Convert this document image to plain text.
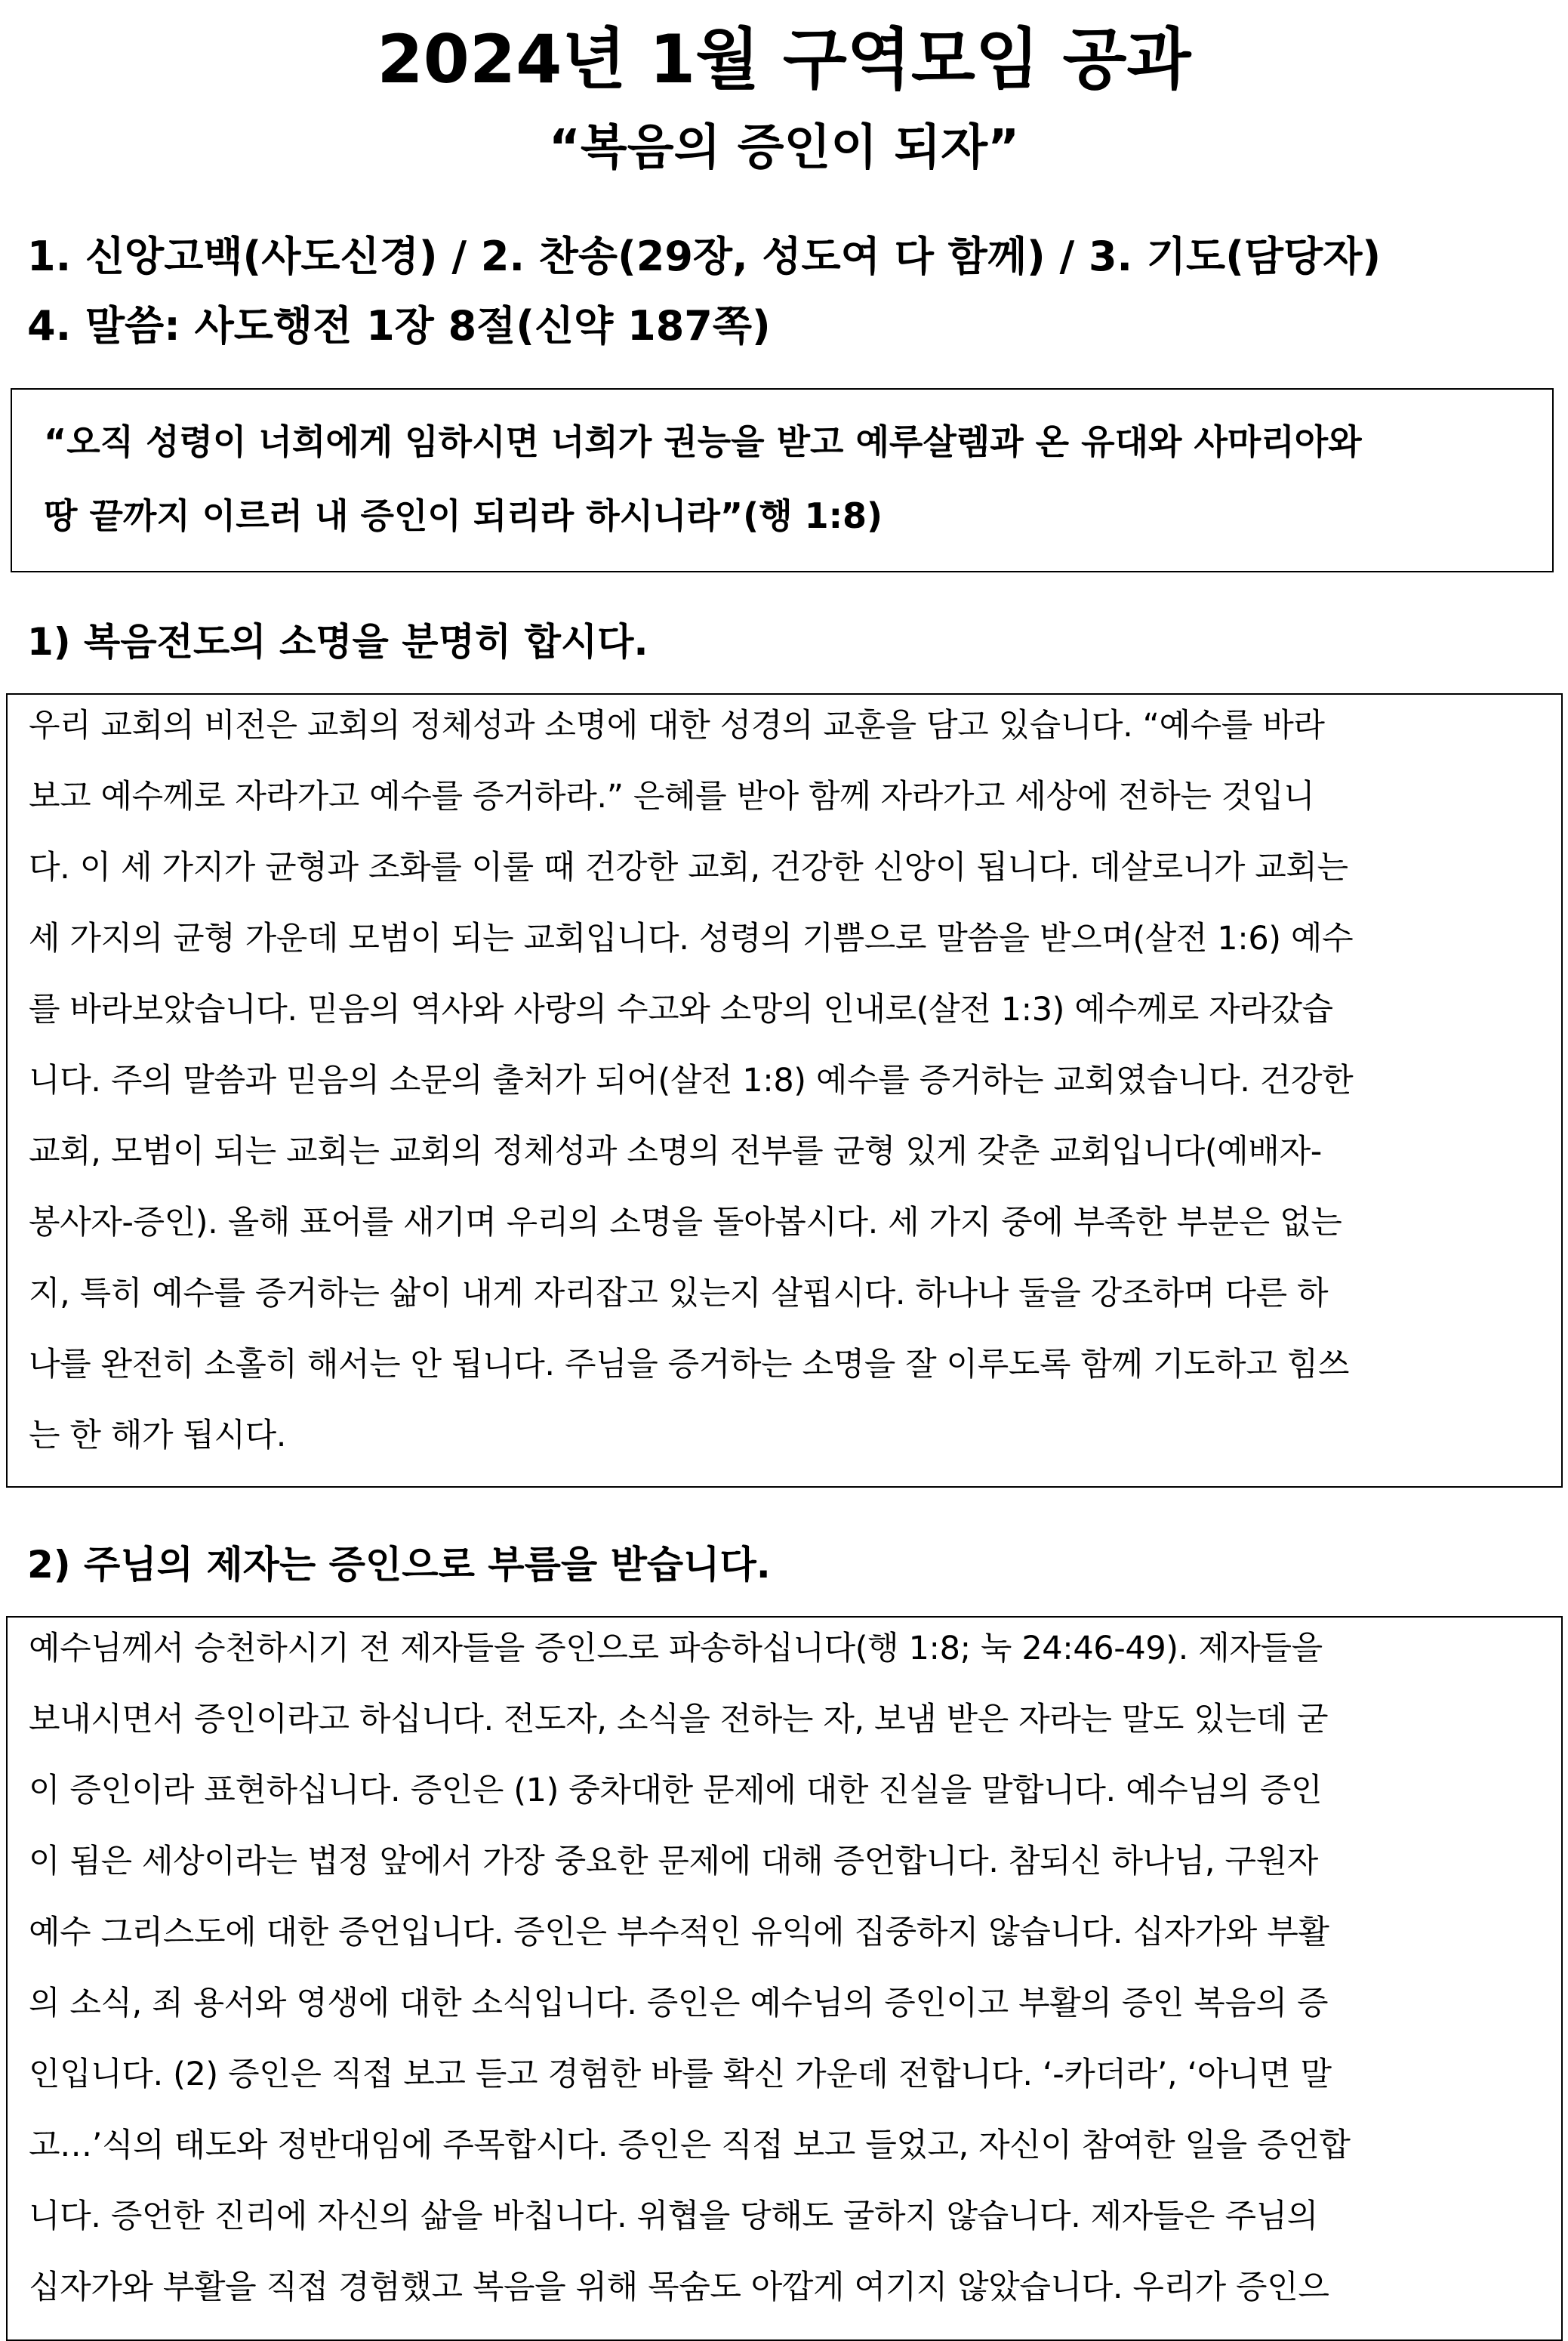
2024년 1월 구역모임 공과
“복음의 증인이 되자”
1. 신앙고백(사도신경) / 2. 찬송(29장, 성도여 다 함께) / 3. 기도(담당자)
4. 말씀: 사도행전 1장 8절(신약 187쪽)
“오직 성령이 너희에게 임하시면 너희가 권능을 받고 예루살렘과 온 유대와 사마리아와
땅 끝까지 이르러 내 증인이 되리라 하시니라”(행 1:8)
1) 복음전도의 소명을 분명히 합시다.
우리 교회의 비전은 교회의 정체성과 소명에 대한 성경의 교훈을 담고 있습니다. “예수를 바라
보고 예수께로 자라가고 예수를 증거하라.” 은혜를 받아 함께 자라가고 세상에 전하는 것입니
다. 이 세 가지가 균형과 조화를 이룰 때 건강한 교회, 건강한 신앙이 됩니다. 데살로니가 교회는
세 가지의 균형 가운데 모범이 되는 교회입니다. 성령의 기쁨으로 말씀을 받으며(살전 1:6) 예수
를 바라보았습니다. 믿음의 역사와 사랑의 수고와 소망의 인내로(살전 1:3) 예수께로 자라갔습
니다. 주의 말씀과 믿음의 소문의 출처가 되어(살전 1:8) 예수를 증거하는 교회였습니다. 건강한
교회, 모범이 되는 교회는 교회의 정체성과 소명의 전부를 균형 있게 갖춘 교회입니다(예배자-
봉사자-증인). 올해 표어를 새기며 우리의 소명을 돌아봅시다. 세 가지 중에 부족한 부분은 없는
지, 특히 예수를 증거하는 삶이 내게 자리잡고 있는지 살핍시다. 하나나 둘을 강조하며 다른 하
나를 완전히 소홀히 해서는 안 됩니다. 주님을 증거하는 소명을 잘 이루도록 함께 기도하고 힘쓰
는 한 해가 됩시다.
2) 주님의 제자는 증인으로 부름을 받습니다.
예수님께서 승천하시기 전 제자들을 증인으로 파송하십니다(행 1:8; 눅 24:46-49). 제자들을
보내시면서 증인이라고 하십니다. 전도자, 소식을 전하는 자, 보냄 받은 자라는 말도 있는데 굳
이 증인이라 표현하십니다. 증인은 (1) 중차대한 문제에 대한 진실을 말합니다. 예수님의 증인
이 됨은 세상이라는 법정 앞에서 가장 중요한 문제에 대해 증언합니다. 참되신 하나님, 구원자
예수 그리스도에 대한 증언입니다. 증인은 부수적인 유익에 집중하지 않습니다. 십자가와 부활
의 소식, 죄 용서와 영생에 대한 소식입니다. 증인은 예수님의 증인이고 부활의 증인 복음의 증
인입니다. (2) 증인은 직접 보고 듣고 경험한 바를 확신 가운데 전합니다. ‘-카더라’, ‘아니면 말
고…’식의 태도와 정반대임에 주목합시다. 증인은 직접 보고 들었고, 자신이 참여한 일을 증언합
니다. 증언한 진리에 자신의 삶을 바칩니다. 위협을 당해도 굴하지 않습니다. 제자들은 주님의
십자가와 부활을 직접 경험했고 복음을 위해 목숨도 아깝게 여기지 않았습니다. 우리가 증인으
